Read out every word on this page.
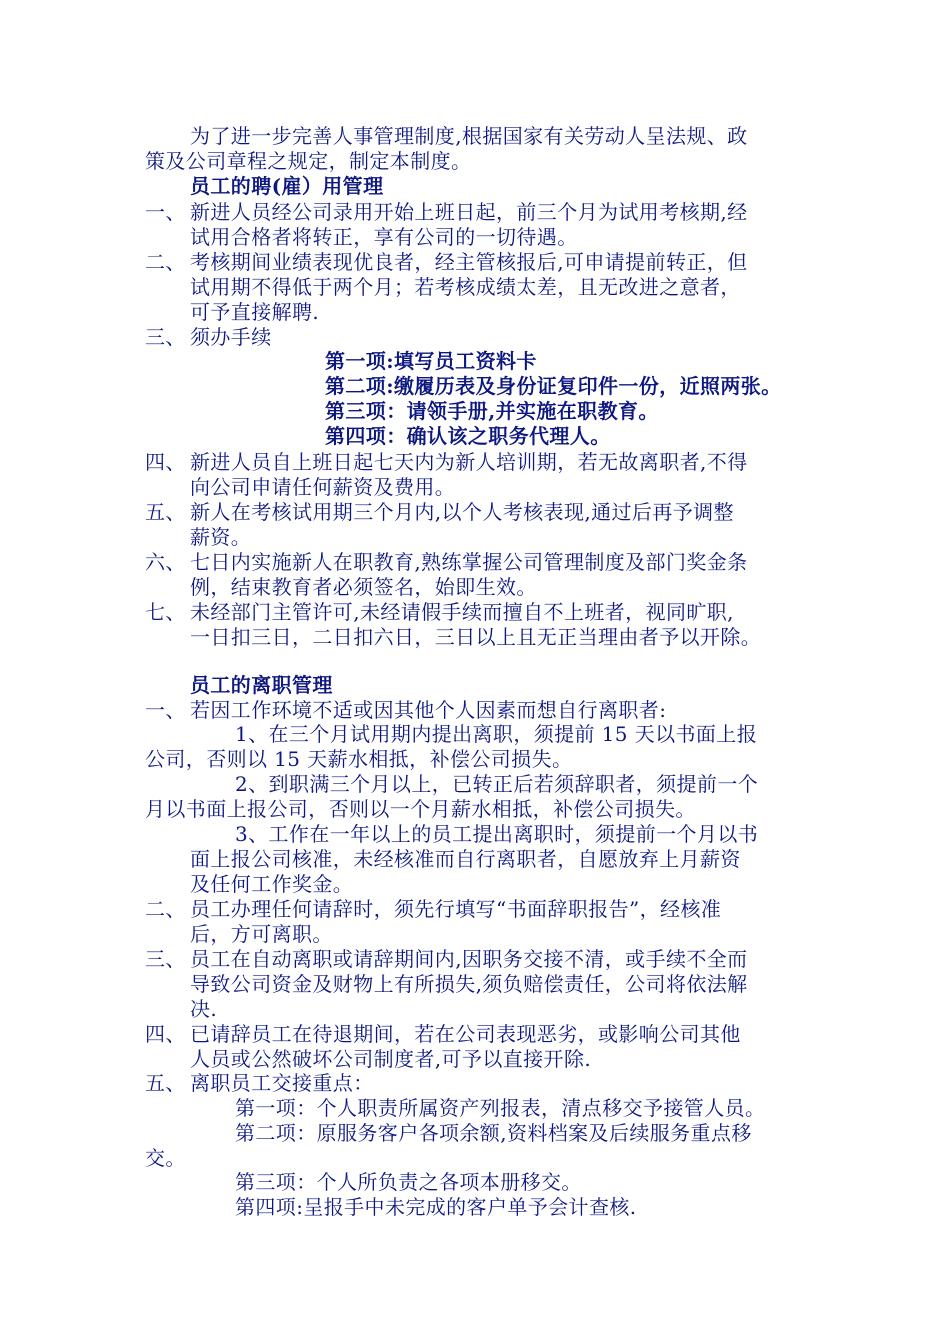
为了进一步完善人事管理制度,根据国家有关劳动人呈法规、政
策及公司章程之规定，制定本制度。
员工的聘(雇）用管理
一、 新进人员经公司录用开始上班日起，前三个月为试用考核期,经
试用合格者将转正，享有公司的一切待遇。
二、 考核期间业绩表现优良者，经主管核报后,可申请提前转正，但
试用期不得低于两个月；若考核成绩太差，且无改进之意者，
可予直接解聘.
三、 须办手续
第一项:填写员工资料卡
第二项:缴履历表及身份证复印件一份，近照两张。
第三项：请领手册,并实施在职教育。
第四项：确认该之职务代理人。
四、 新进人员自上班日起七天内为新人培训期，若无故离职者,不得
向公司申请任何薪资及费用。
五、 新人在考核试用期三个月内,以个人考核表现,通过后再予调整
薪资。
六、 七日内实施新人在职教育,熟练掌握公司管理制度及部门奖金条
例，结束教育者必须签名，始即生效。
七、 未经部门主管许可,未经请假手续而擅自不上班者，视同旷职,
一日扣三日，二日扣六日，三日以上且无正当理由者予以开除。
员工的离职管理
一、 若因工作环境不适或因其他个人因素而想自行离职者:
1、在三个月试用期内提出离职，须提前 15 天以书面上报
公司，否则以 15 天薪水相抵，补偿公司损失。
2、到职满三个月以上，已转正后若须辞职者，须提前一个
月以书面上报公司，否则以一个月薪水相抵，补偿公司损失。
3、工作在一年以上的员工提出离职时，须提前一个月以书
面上报公司核准，未经核准而自行离职者，自愿放弃上月薪资
及任何工作奖金。
二、 员工办理任何请辞时，须先行填写“书面辞职报告”，经核准
后，方可离职。
三、 员工在自动离职或请辞期间内,因职务交接不清，或手续不全而
导致公司资金及财物上有所损失,须负赔偿责任，公司将依法解
决.
四、 已请辞员工在待退期间，若在公司表现恶劣，或影响公司其他
人员或公然破坏公司制度者,可予以直接开除.
五、 离职员工交接重点：
第一项：个人职责所属资产列报表，清点移交予接管人员。
第二项：原服务客户各项余额,资料档案及后续服务重点移
交。
第三项：个人所负责之各项本册移交。
第四项:呈报手中未完成的客户单予会计查核.
